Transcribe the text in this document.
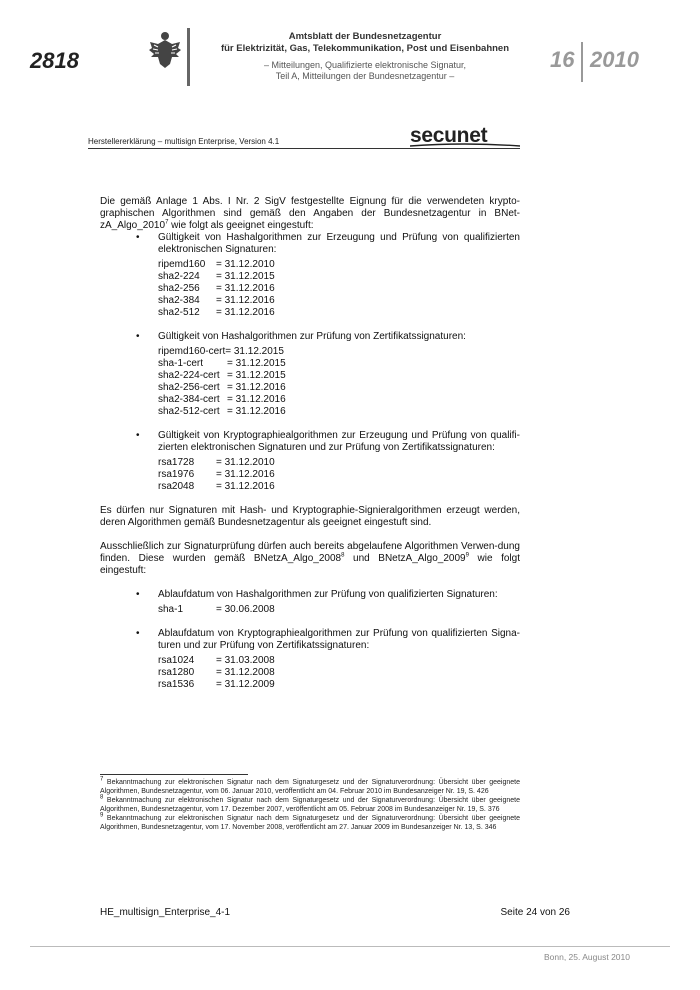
2818
Amtsblatt der Bundesnetzagentur
für Elektrizität, Gas, Telekommunikation, Post und Eisenbahnen
– Mitteilungen, Qualifizierte elektronische Signatur,
Teil A, Mitteilungen der Bundesnetzagentur –
16 2010
Herstellererklärung – multisign Enterprise, Version 4.1	secunet

Die gemäß Anlage 1 Abs. I Nr. 2 SigV festgestellte Eignung für die verwendeten krypto-graphischen Algorithmen sind gemäß den Angaben der Bundesnetzagentur in BNet-zA_Algo_2010$^7$ wie folgt als geeignet eingestuft:

•	Gültigkeit von Hashalgorithmen zur Erzeugung und Prüfung von qualifizierten elektronischen Signaturen:
ripemd160	= 31.12.2010
sha2-224	= 31.12.2015
sha2-256	= 31.12.2016
sha2-384	= 31.12.2016
sha2-512	= 31.12.2016
•	Gültigkeit von Hashalgorithmen zur Prüfung von Zertifikatssignaturen:
ripemd160-cert= 31.12.2015	
sha-1-cert	= 31.12.2015
sha2-224-cert	= 31.12.2015
sha2-256-cert	= 31.12.2016
sha2-384-cert	= 31.12.2016
sha2-512-cert	= 31.12.2016
•	Gültigkeit von Kryptographiealgorithmen zur Erzeugung und Prüfung von qualifi-zierten elektronischen Signaturen und zur Prüfung von Zertifikatssignaturen:
rsa1728	= 31.12.2010
rsa1976	= 31.12.2016
rsa2048	= 31.12.2016

Es dürfen nur Signaturen mit Hash- und Kryptographie-Signieralgorithmen erzeugt werden, deren Algorithmen gemäß Bundesnetzagentur als geeignet eingestuft sind.

Ausschließlich zur Signaturprüfung dürfen auch bereits abgelaufene Algorithmen Verwen-dung finden. Diese wurden gemäß BNetzA_Algo_2008$^8$ und BNetzA_Algo_2009$^9$ wie folgt eingestuft:

•	Ablaufdatum von Hashalgorithmen zur Prüfung von qualifizierten Signaturen:
sha-1	= 30.06.2008
•	Ablaufdatum von Kryptographiealgorithmen zur Prüfung von qualifizierten Signa-turen und zur Prüfung von Zertifikatssignaturen:
rsa1024	= 31.03.2008
rsa1280	= 31.12.2008
rsa1536	= 31.12.2009

$^7$ Bekanntmachung zur elektronischen Signatur nach dem Signaturgesetz und der Signaturverordnung: Übersicht über geeignete Algorithmen, Bundesnetzagentur, vom 06. Januar 2010, veröffentlicht am 04. Februar 2010 im Bundesanzeiger Nr. 19, S. 426

$^8$ Bekanntmachung zur elektronischen Signatur nach dem Signaturgesetz und der Signaturverordnung: Übersicht über geeignete Algorithmen, Bundesnetzagentur, vom 17. Dezember 2007, veröffentlicht am 05. Februar 2008 im Bundesanzeiger Nr. 19, S. 376

$^9$ Bekanntmachung zur elektronischen Signatur nach dem Signaturgesetz und der Signaturverordnung: Übersicht über geeignete Algorithmen, Bundesnetzagentur, vom 17. November 2008, veröffentlicht am 27. Januar 2009 im Bundesanzeiger Nr. 13, S. 346

HE_multisign_Enterprise_4-1	Seite 24 von 26
Bonn, 25. August 2010
